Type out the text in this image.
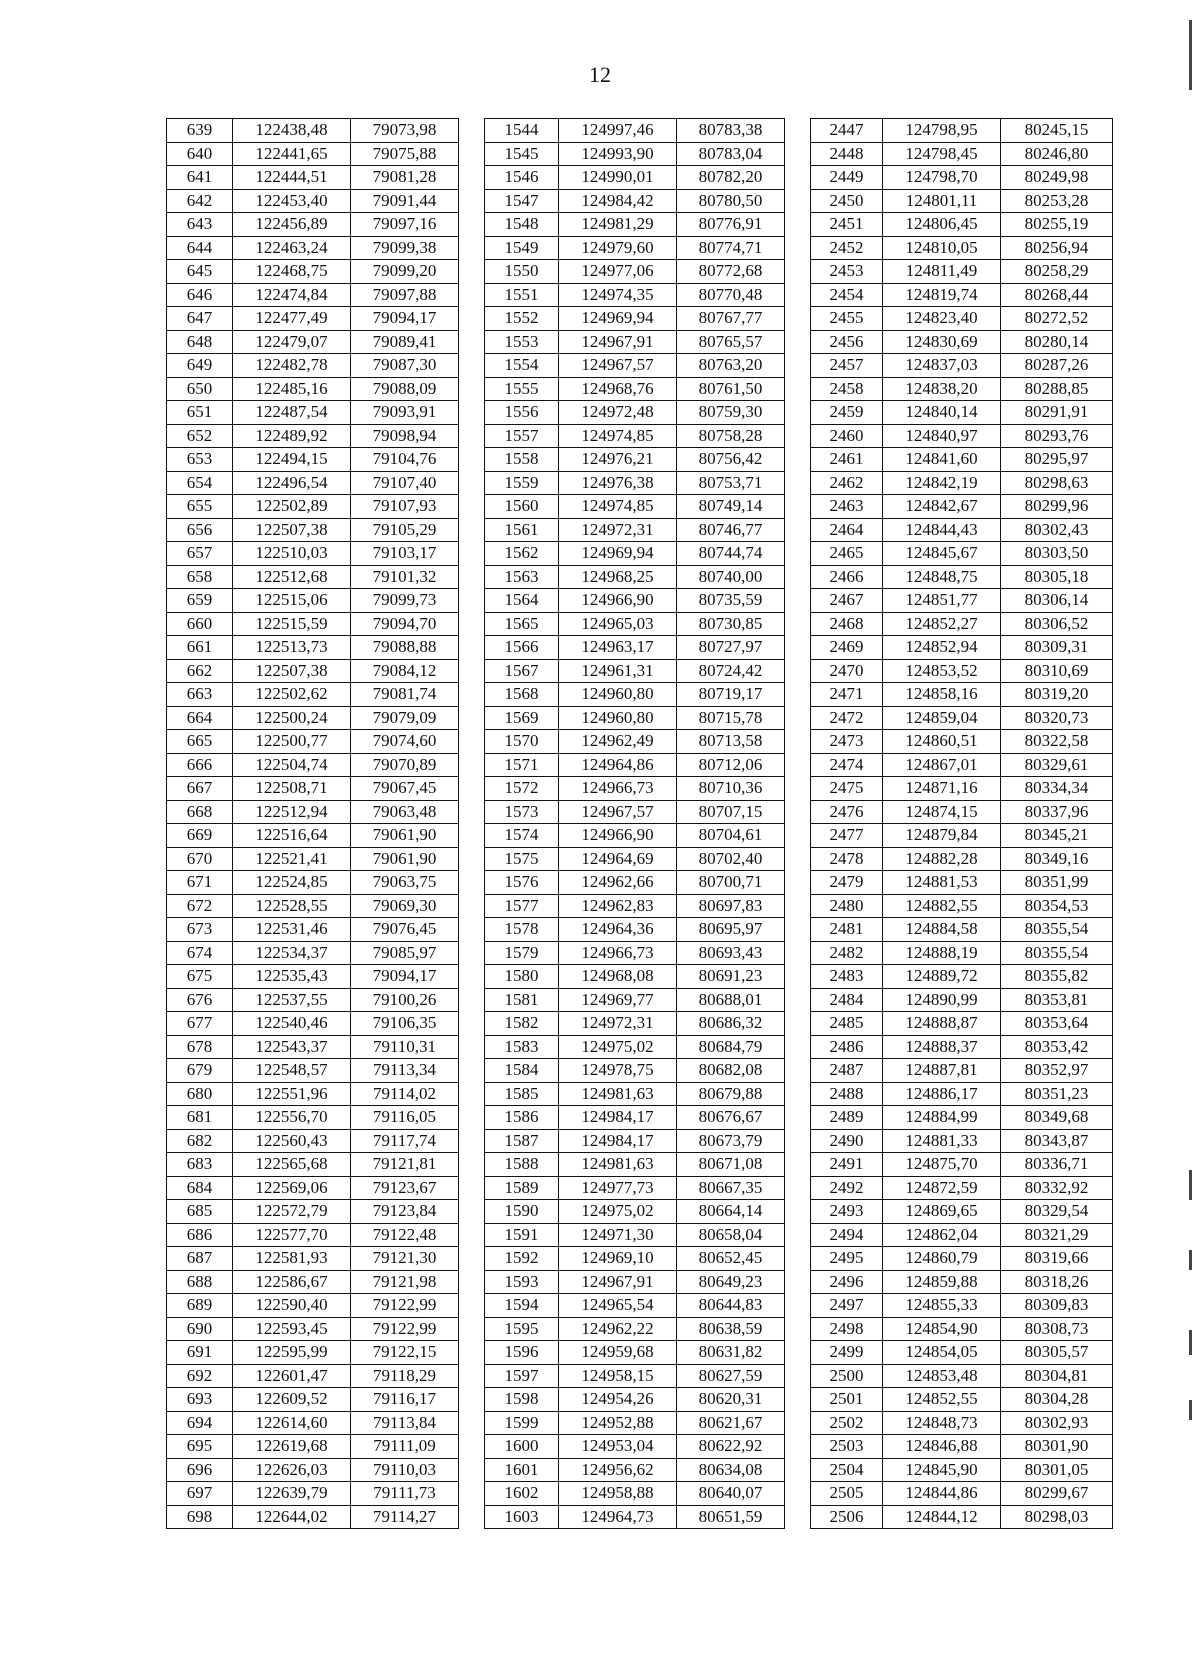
12
639	122438,48	79073,98		1544	124997,46	80783,38		2447	124798,95	80245,15
640	122441,65	79075,88		1545	124993,90	80783,04		2448	124798,45	80246,80
641	122444,51	79081,28		1546	124990,01	80782,20		2449	124798,70	80249,98
642	122453,40	79091,44		1547	124984,42	80780,50		2450	124801,11	80253,28
643	122456,89	79097,16		1548	124981,29	80776,91		2451	124806,45	80255,19
644	122463,24	79099,38		1549	124979,60	80774,71		2452	124810,05	80256,94
645	122468,75	79099,20		1550	124977,06	80772,68		2453	124811,49	80258,29
646	122474,84	79097,88		1551	124974,35	80770,48		2454	124819,74	80268,44
647	122477,49	79094,17		1552	124969,94	80767,77		2455	124823,40	80272,52
648	122479,07	79089,41		1553	124967,91	80765,57		2456	124830,69	80280,14
649	122482,78	79087,30		1554	124967,57	80763,20		2457	124837,03	80287,26
650	122485,16	79088,09		1555	124968,76	80761,50		2458	124838,20	80288,85
651	122487,54	79093,91		1556	124972,48	80759,30		2459	124840,14	80291,91
652	122489,92	79098,94		1557	124974,85	80758,28		2460	124840,97	80293,76
653	122494,15	79104,76		1558	124976,21	80756,42		2461	124841,60	80295,97
654	122496,54	79107,40		1559	124976,38	80753,71		2462	124842,19	80298,63
655	122502,89	79107,93		1560	124974,85	80749,14		2463	124842,67	80299,96
656	122507,38	79105,29		1561	124972,31	80746,77		2464	124844,43	80302,43
657	122510,03	79103,17		1562	124969,94	80744,74		2465	124845,67	80303,50
658	122512,68	79101,32		1563	124968,25	80740,00		2466	124848,75	80305,18
659	122515,06	79099,73		1564	124966,90	80735,59		2467	124851,77	80306,14
660	122515,59	79094,70		1565	124965,03	80730,85		2468	124852,27	80306,52
661	122513,73	79088,88		1566	124963,17	80727,97		2469	124852,94	80309,31
662	122507,38	79084,12		1567	124961,31	80724,42		2470	124853,52	80310,69
663	122502,62	79081,74		1568	124960,80	80719,17		2471	124858,16	80319,20
664	122500,24	79079,09		1569	124960,80	80715,78		2472	124859,04	80320,73
665	122500,77	79074,60		1570	124962,49	80713,58		2473	124860,51	80322,58
666	122504,74	79070,89		1571	124964,86	80712,06		2474	124867,01	80329,61
667	122508,71	79067,45		1572	124966,73	80710,36		2475	124871,16	80334,34
668	122512,94	79063,48		1573	124967,57	80707,15		2476	124874,15	80337,96
669	122516,64	79061,90		1574	124966,90	80704,61		2477	124879,84	80345,21
670	122521,41	79061,90		1575	124964,69	80702,40		2478	124882,28	80349,16
671	122524,85	79063,75		1576	124962,66	80700,71		2479	124881,53	80351,99
672	122528,55	79069,30		1577	124962,83	80697,83		2480	124882,55	80354,53
673	122531,46	79076,45		1578	124964,36	80695,97		2481	124884,58	80355,54
674	122534,37	79085,97		1579	124966,73	80693,43		2482	124888,19	80355,54
675	122535,43	79094,17		1580	124968,08	80691,23		2483	124889,72	80355,82
676	122537,55	79100,26		1581	124969,77	80688,01		2484	124890,99	80353,81
677	122540,46	79106,35		1582	124972,31	80686,32		2485	124888,87	80353,64
678	122543,37	79110,31		1583	124975,02	80684,79		2486	124888,37	80353,42
679	122548,57	79113,34		1584	124978,75	80682,08		2487	124887,81	80352,97
680	122551,96	79114,02		1585	124981,63	80679,88		2488	124886,17	80351,23
681	122556,70	79116,05		1586	124984,17	80676,67		2489	124884,99	80349,68
682	122560,43	79117,74		1587	124984,17	80673,79		2490	124881,33	80343,87
683	122565,68	79121,81		1588	124981,63	80671,08		2491	124875,70	80336,71
684	122569,06	79123,67		1589	124977,73	80667,35		2492	124872,59	80332,92
685	122572,79	79123,84		1590	124975,02	80664,14		2493	124869,65	80329,54
686	122577,70	79122,48		1591	124971,30	80658,04		2494	124862,04	80321,29
687	122581,93	79121,30		1592	124969,10	80652,45		2495	124860,79	80319,66
688	122586,67	79121,98		1593	124967,91	80649,23		2496	124859,88	80318,26
689	122590,40	79122,99		1594	124965,54	80644,83		2497	124855,33	80309,83
690	122593,45	79122,99		1595	124962,22	80638,59		2498	124854,90	80308,73
691	122595,99	79122,15		1596	124959,68	80631,82		2499	124854,05	80305,57
692	122601,47	79118,29		1597	124958,15	80627,59		2500	124853,48	80304,81
693	122609,52	79116,17		1598	124954,26	80620,31		2501	124852,55	80304,28
694	122614,60	79113,84		1599	124952,88	80621,67		2502	124848,73	80302,93
695	122619,68	79111,09		1600	124953,04	80622,92		2503	124846,88	80301,90
696	122626,03	79110,03		1601	124956,62	80634,08		2504	124845,90	80301,05
697	122639,79	79111,73		1602	124958,88	80640,07		2505	124844,86	80299,67
698	122644,02	79114,27		1603	124964,73	80651,59		2506	124844,12	80298,03
